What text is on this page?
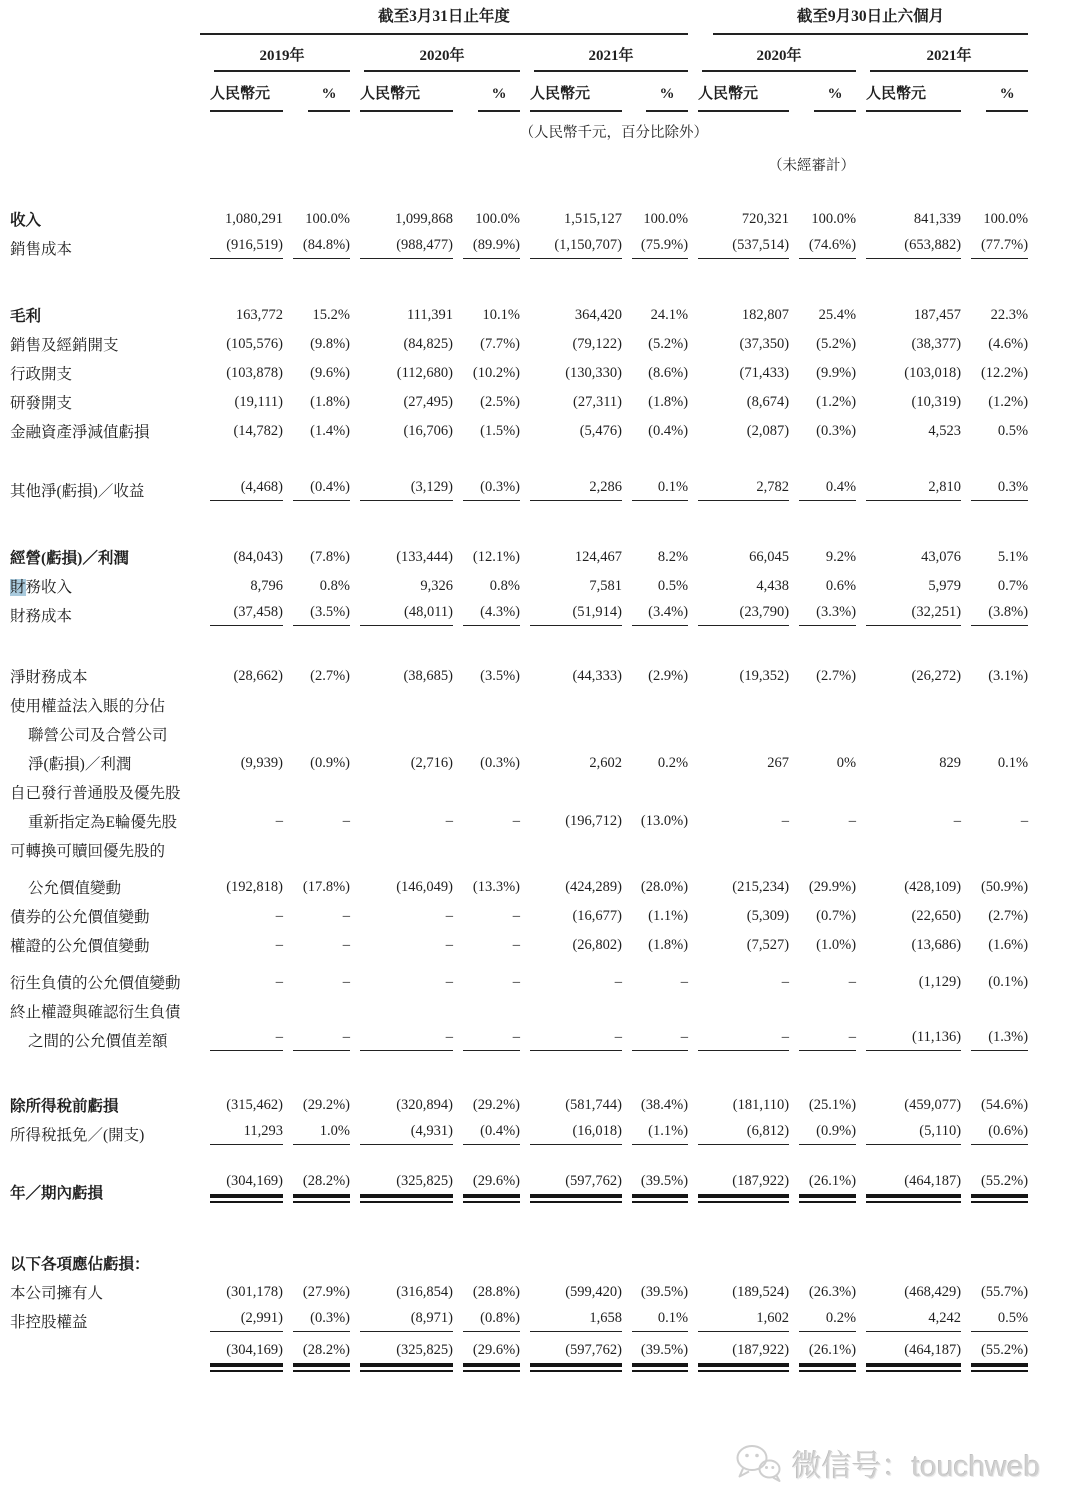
	截至3月31日止年度						截至9月30日止六個月				

	2019年		2020年		2021年		2020年		2021年		

	人民幣元	%	人民幣元	%	人民幣元	%	人民幣元	%	人民幣元	%	

（人民幣千元，百分比除外）											
（未經審計）											

收入	1,080,291	100.0%	1,099,868	100.0%	1,515,127	100.0%	720,321	100.0%	841,339	100.0%	

銷售成本	(916,519)	(84.8%)	(988,477)	(89.9%)	(1,150,707)	(75.9%)	(537,514)	(74.6%)	(653,882)	(77.7%)	

毛利	163,772	15.2%	111,391	10.1%	364,420	24.1%	182,807	25.4%	187,457	22.3%	

銷售及經銷開支	(105,576)	(9.8%)	(84,825)	(7.7%)	(79,122)	(5.2%)	(37,350)	(5.2%)	(38,377)	(4.6%)	

行政開支	(103,878)	(9.6%)	(112,680)	(10.2%)	(130,330)	(8.6%)	(71,433)	(9.9%)	(103,018)	(12.2%)	

研發開支	(19,111)	(1.8%)	(27,495)	(2.5%)	(27,311)	(1.8%)	(8,674)	(1.2%)	(10,319)	(1.2%)	

金融資產淨減值虧損	(14,782)	(1.4%)	(16,706)	(1.5%)	(5,476)	(0.4%)	(2,087)	(0.3%)	4,523	0.5%	

其他淨(虧損)／收益	(4,468)	(0.4%)	(3,129)	(0.3%)	2,286	0.1%	2,782	0.4%	2,810	0.3%	

經營(虧損)／利潤	(84,043)	(7.8%)	(133,444)	(12.1%)	124,467	8.2%	66,045	9.2%	43,076	5.1%	

財務收入	8,796	0.8%	9,326	0.8%	7,581	0.5%	4,438	0.6%	5,979	0.7%	

財務成本	(37,458)	(3.5%)	(48,011)	(4.3%)	(51,914)	(3.4%)	(23,790)	(3.3%)	(32,251)	(3.8%)	

淨財務成本	(28,662)	(2.7%)	(38,685)	(3.5%)	(44,333)	(2.9%)	(19,352)	(2.7%)	(26,272)	(3.1%)	

使用權益法入賬的分佔	

聯營公司及合營公司	

淨(虧損)／利潤	(9,939)	(0.9%)	(2,716)	(0.3%)	2,602	0.2%	267	0%	829	0.1%	

自已發行普通股及優先股	

重新指定為E輪優先股	–	–	–	–	(196,712)	(13.0%)	–	–	–	–	

可轉換可贖回優先股的	

公允價值變動	(192,818)	(17.8%)	(146,049)	(13.3%)	(424,289)	(28.0%)	(215,234)	(29.9%)	(428,109)	(50.9%)	

債券的公允價值變動	–	–	–	–	(16,677)	(1.1%)	(5,309)	(0.7%)	(22,650)	(2.7%)	

權證的公允價值變動	–	–	–	–	(26,802)	(1.8%)	(7,527)	(1.0%)	(13,686)	(1.6%)	

衍生負債的公允價值變動	–	–	–	–	–	–	–	–	(1,129)	(0.1%)	

終止權證與確認衍生負債	

之間的公允價值差額	–	–	–	–	–	–	–	–	(11,136)	(1.3%)	

除所得稅前虧損	(315,462)	(29.2%)	(320,894)	(29.2%)	(581,744)	(38.4%)	(181,110)	(25.1%)	(459,077)	(54.6%)	

所得稅抵免／(開支)	11,293	1.0%	(4,931)	(0.4%)	(16,018)	(1.1%)	(6,812)	(0.9%)	(5,110)	(0.6%)	

年／期內虧損	(304,169)	(28.2%)	(325,825)	(29.6%)	(597,762)	(39.5%)	(187,922)	(26.1%)	(464,187)	(55.2%)	

以下各項應佔虧損：	

本公司擁有人	(301,178)	(27.9%)	(316,854)	(28.8%)	(599,420)	(39.5%)	(189,524)	(26.3%)	(468,429)	(55.7%)	

非控股權益	(2,991)	(0.3%)	(8,971)	(0.8%)	1,658	0.1%	1,602	0.2%	4,242	0.5%	

	(304,169)	(28.2%)	(325,825)	(29.6%)	(597,762)	(39.5%)	(187,922)	(26.1%)	(464,187)	(55.2%)	

微信号：touchweb
